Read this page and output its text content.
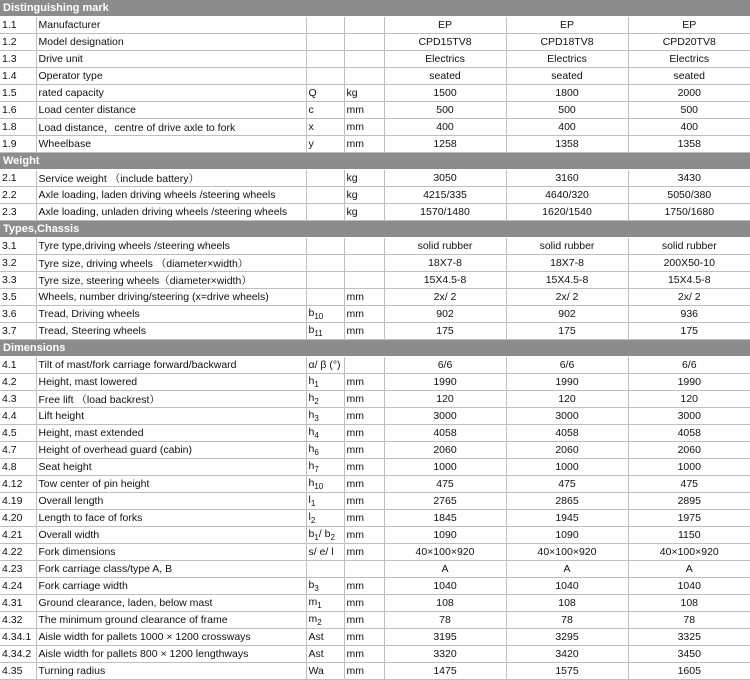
Distinguishing mark						
1.1	Manufacturer			EP	EP	EP
1.2	Model designation			CPD15TV8	CPD18TV8	CPD20TV8
1.3	Drive unit			Electrics	Electrics	Electrics
1.4	Operator type			seated	seated	seated
1.5	rated capacity	Q	kg	1500	1800	2000
1.6	Load center distance	c	mm	500	500	500
1.8	Load distance，centre of drive axle to fork	x	mm	400	400	400
1.9	Wheelbase	y	mm	1258	1358	1358
Weight						
2.1	Service weight （include battery）		kg	3050	3160	3430
2.2	Axle loading, laden driving wheels /steering wheels		kg	4215/335	4640/320	5050/380
2.3	Axle loading, unladen driving wheels /steering wheels		kg	1570/1480	1620/1540	1750/1680
Types,Chassis						
3.1	Tyre type,driving wheels /steering wheels			solid rubber	solid rubber	solid rubber
3.2	Tyre size, driving wheels （diameter×width）			18X7-8	18X7-8	200X50-10
3.3	Tyre size, steering wheels（diameter×width）			15X4.5-8	15X4.5-8	15X4.5-8
3.5	Wheels, number driving/steering (x=drive wheels)		mm	2x/ 2	2x/ 2	2x/ 2
3.6	Tread, Driving wheels	$b_{10}$	mm	902	902	936
3.7	Tread, Steering wheels	$b_{11}$	mm	175	175	175
Dimensions						
4.1	Tilt of mast/fork carriage forward/backward	α/ β (°)		6/6	6/6	6/6
4.2	Height, mast lowered	$h_1$	mm	1990	1990	1990
4.3	Free lift （load backrest）	$h_2$	mm	120	120	120
4.4	Lift height	$h_3$	mm	3000	3000	3000
4.5	Height, mast extended	$h_4$	mm	4058	4058	4058
4.7	Height of overhead guard (cabin)	$h_6$	mm	2060	2060	2060
4.8	Seat height	$h_7$	mm	1000	1000	1000
4.12	Tow center of pin height	$h_{10}$	mm	475	475	475
4.19	Overall length	$l_1$	mm	2765	2865	2895
4.20	Length to face of forks	$l_2$	mm	1845	1945	1975
4.21	Overall width	$b_1/$ $b_2$	mm	1090	1090	1150
4.22	Fork dimensions	s/ e/ l	mm	40×100×920	40×100×920	40×100×920
4.23	Fork carriage class/type A, B			A	A	A
4.24	Fork carriage width	$b_3$	mm	1040	1040	1040
4.31	Ground clearance, laden, below mast	$m_1$	mm	108	108	108
4.32	The minimum ground clearance of frame	$m_2$	mm	78	78	78
4.34.1	Aisle width for pallets 1000 × 1200 crossways	Ast	mm	3195	3295	3325
4.34.2	Aisle width for pallets 800 × 1200 lengthways	Ast	mm	3320	3420	3450
4.35	Turning radius	Wa	mm	1475	1575	1605
